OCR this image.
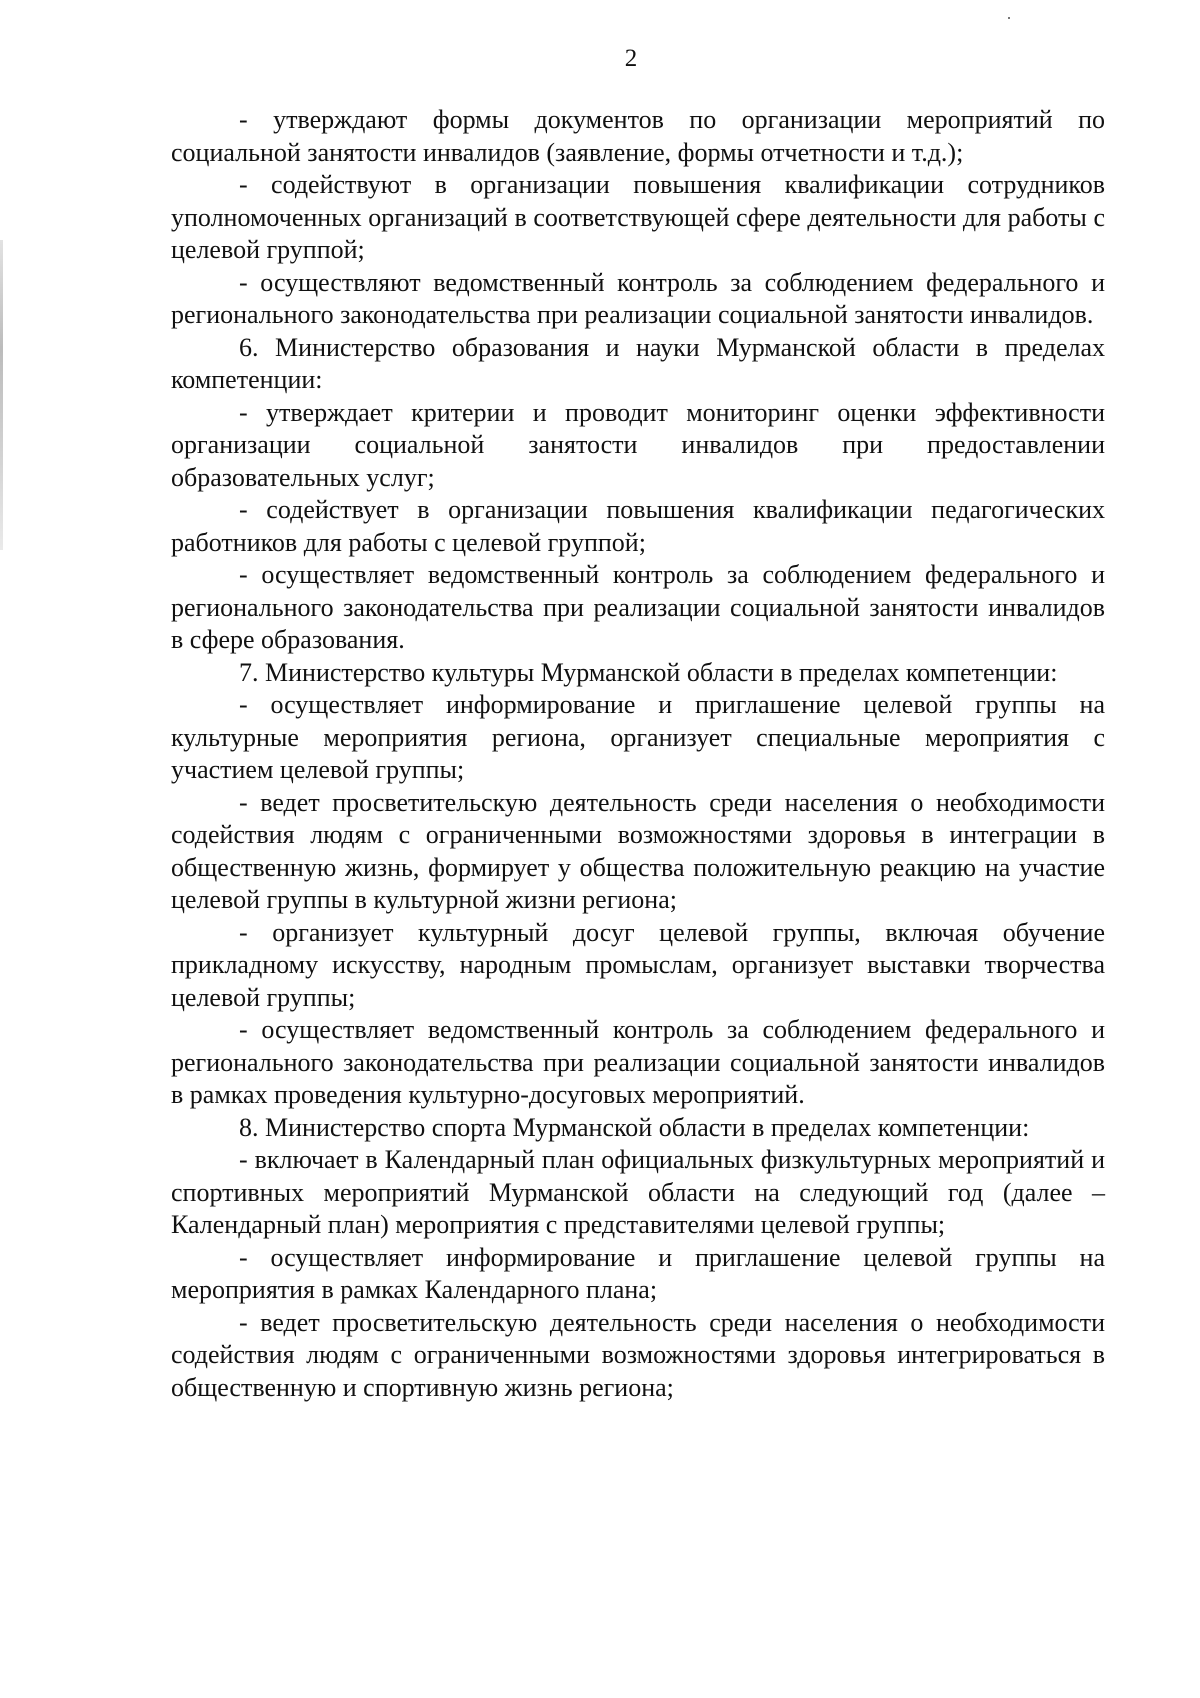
2

- утверждают формы документов по организации мероприятий по социальной занятости инвалидов (заявление, формы отчетности и т.д.);

- содействуют в организации повышения квалификации сотрудников уполномоченных организаций в соответствующей сфере деятельности для работы с целевой группой;

- осуществляют ведомственный контроль за соблюдением федерального и регионального законодательства при реализации социальной занятости инвалидов.

6. Министерство образования и науки Мурманской области в пределах компетенции:

- утверждает критерии и проводит мониторинг оценки эффективности организации социальной занятости инвалидов при предоставлении образовательных услуг;

- содействует в организации повышения квалификации педагогических работников для работы с целевой группой;

- осуществляет ведомственный контроль за соблюдением федерального и регионального законодательства при реализации социальной занятости инвалидов в сфере образования.

7. Министерство культуры Мурманской области в пределах компетенции:

- осуществляет информирование и приглашение целевой группы на культурные мероприятия региона, организует специальные мероприятия с участием целевой группы;

- ведет просветительскую деятельность среди населения о необходимости содействия людям с ограниченными возможностями здоровья в интеграции в общественную жизнь, формирует у общества положительную реакцию на участие целевой группы в культурной жизни региона;

- организует культурный досуг целевой группы, включая обучение прикладному искусству, народным промыслам, организует выставки творчества целевой группы;

- осуществляет ведомственный контроль за соблюдением федерального и регионального законодательства при реализации социальной занятости инвалидов в рамках проведения культурно-досуговых мероприятий.

8. Министерство спорта Мурманской области в пределах компетенции:

- включает в Календарный план официальных физкультурных мероприятий и спортивных мероприятий Мурманской области на следующий год (далее – Календарный план) мероприятия с представителями целевой группы;

- осуществляет информирование и приглашение целевой группы на мероприятия в рамках Календарного плана;

- ведет просветительскую деятельность среди населения о необходимости содействия людям с ограниченными возможностями здоровья интегрироваться в общественную и спортивную жизнь региона;
